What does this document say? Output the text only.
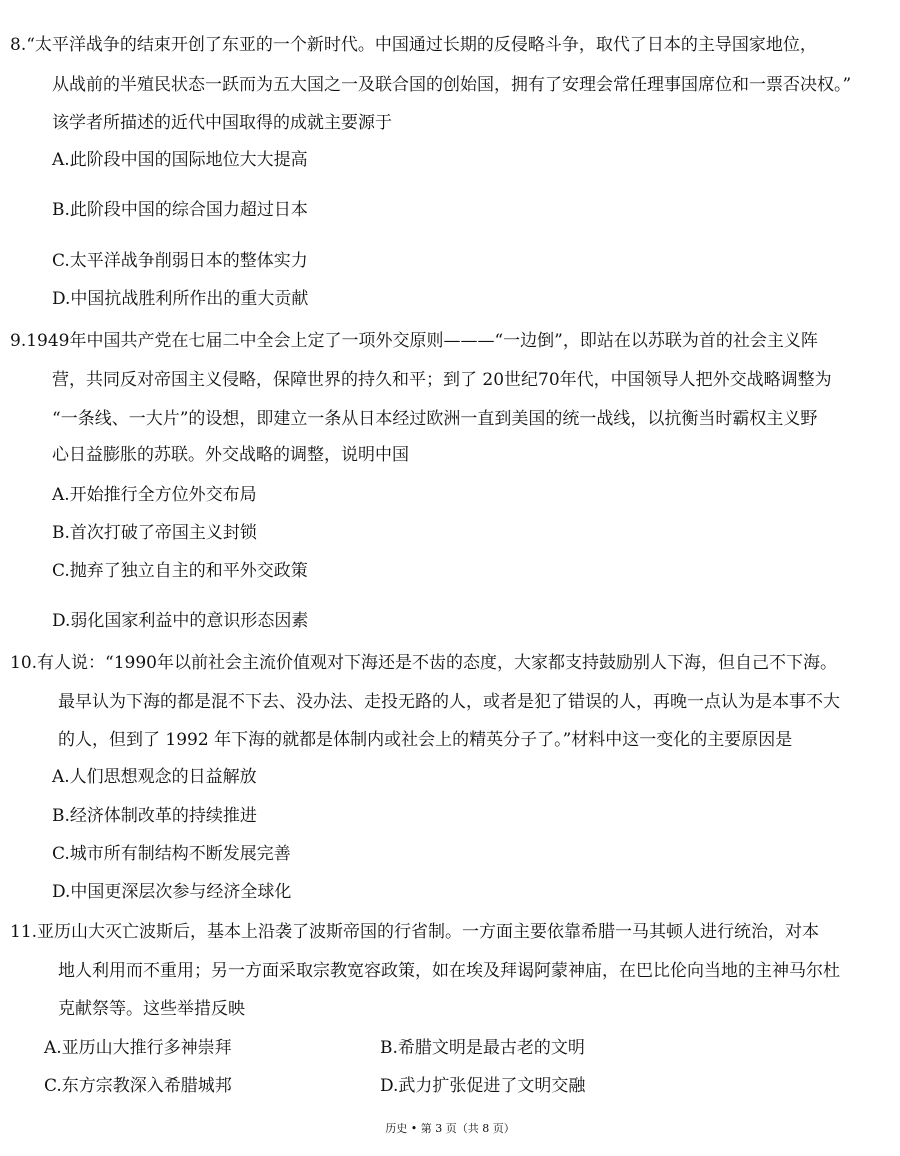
8.“太平洋战争的结束开创了东亚的一个新时代。中国通过长期的反侵略斗争，取代了日本的主导国家地位，
从战前的半殖民状态一跃而为五大国之一及联合国的创始国，拥有了安理会常任理事国席位和一票否决权。”
该学者所描述的近代中国取得的成就主要源于
A.此阶段中国的国际地位大大提高
B.此阶段中国的综合国力超过日本
C.太平洋战争削弱日本的整体实力
D.中国抗战胜利所作出的重大贡献
9.1949年中国共产党在七届二中全会上定了一项外交原则———“一边倒”，即站在以苏联为首的社会主义阵
营，共同反对帝国主义侵略，保障世界的持久和平；到了 20世纪70年代，中国领导人把外交战略调整为
“一条线、一大片”的设想，即建立一条从日本经过欧洲一直到美国的统一战线，以抗衡当时霸权主义野
心日益膨胀的苏联。外交战略的调整，说明中国
A.开始推行全方位外交布局
B.首次打破了帝国主义封锁
C.抛弃了独立自主的和平外交政策
D.弱化国家利益中的意识形态因素
10.有人说：“1990年以前社会主流价值观对下海还是不齿的态度，大家都支持鼓励别人下海，但自己不下海。
最早认为下海的都是混不下去、没办法、走投无路的人，或者是犯了错误的人，再晚一点认为是本事不大
的人，但到了 1992 年下海的就都是体制内或社会上的精英分子了。”材料中这一变化的主要原因是
A.人们思想观念的日益解放
B.经济体制改革的持续推进
C.城市所有制结构不断发展完善
D.中国更深层次参与经济全球化
11.亚历山大灭亡波斯后，基本上沿袭了波斯帝国的行省制。一方面主要依靠希腊一马其顿人进行统治，对本
地人利用而不重用；另一方面采取宗教宽容政策，如在埃及拜谒阿蒙神庙，在巴比伦向当地的主神马尔杜
克献祭等。这些举措反映
A.亚历山大推行多神崇拜	B.希腊文明是最古老的文明
C.东方宗教深入希腊城邦	D.武力扩张促进了文明交融
历史 • 第 3 页（共 8 页）
